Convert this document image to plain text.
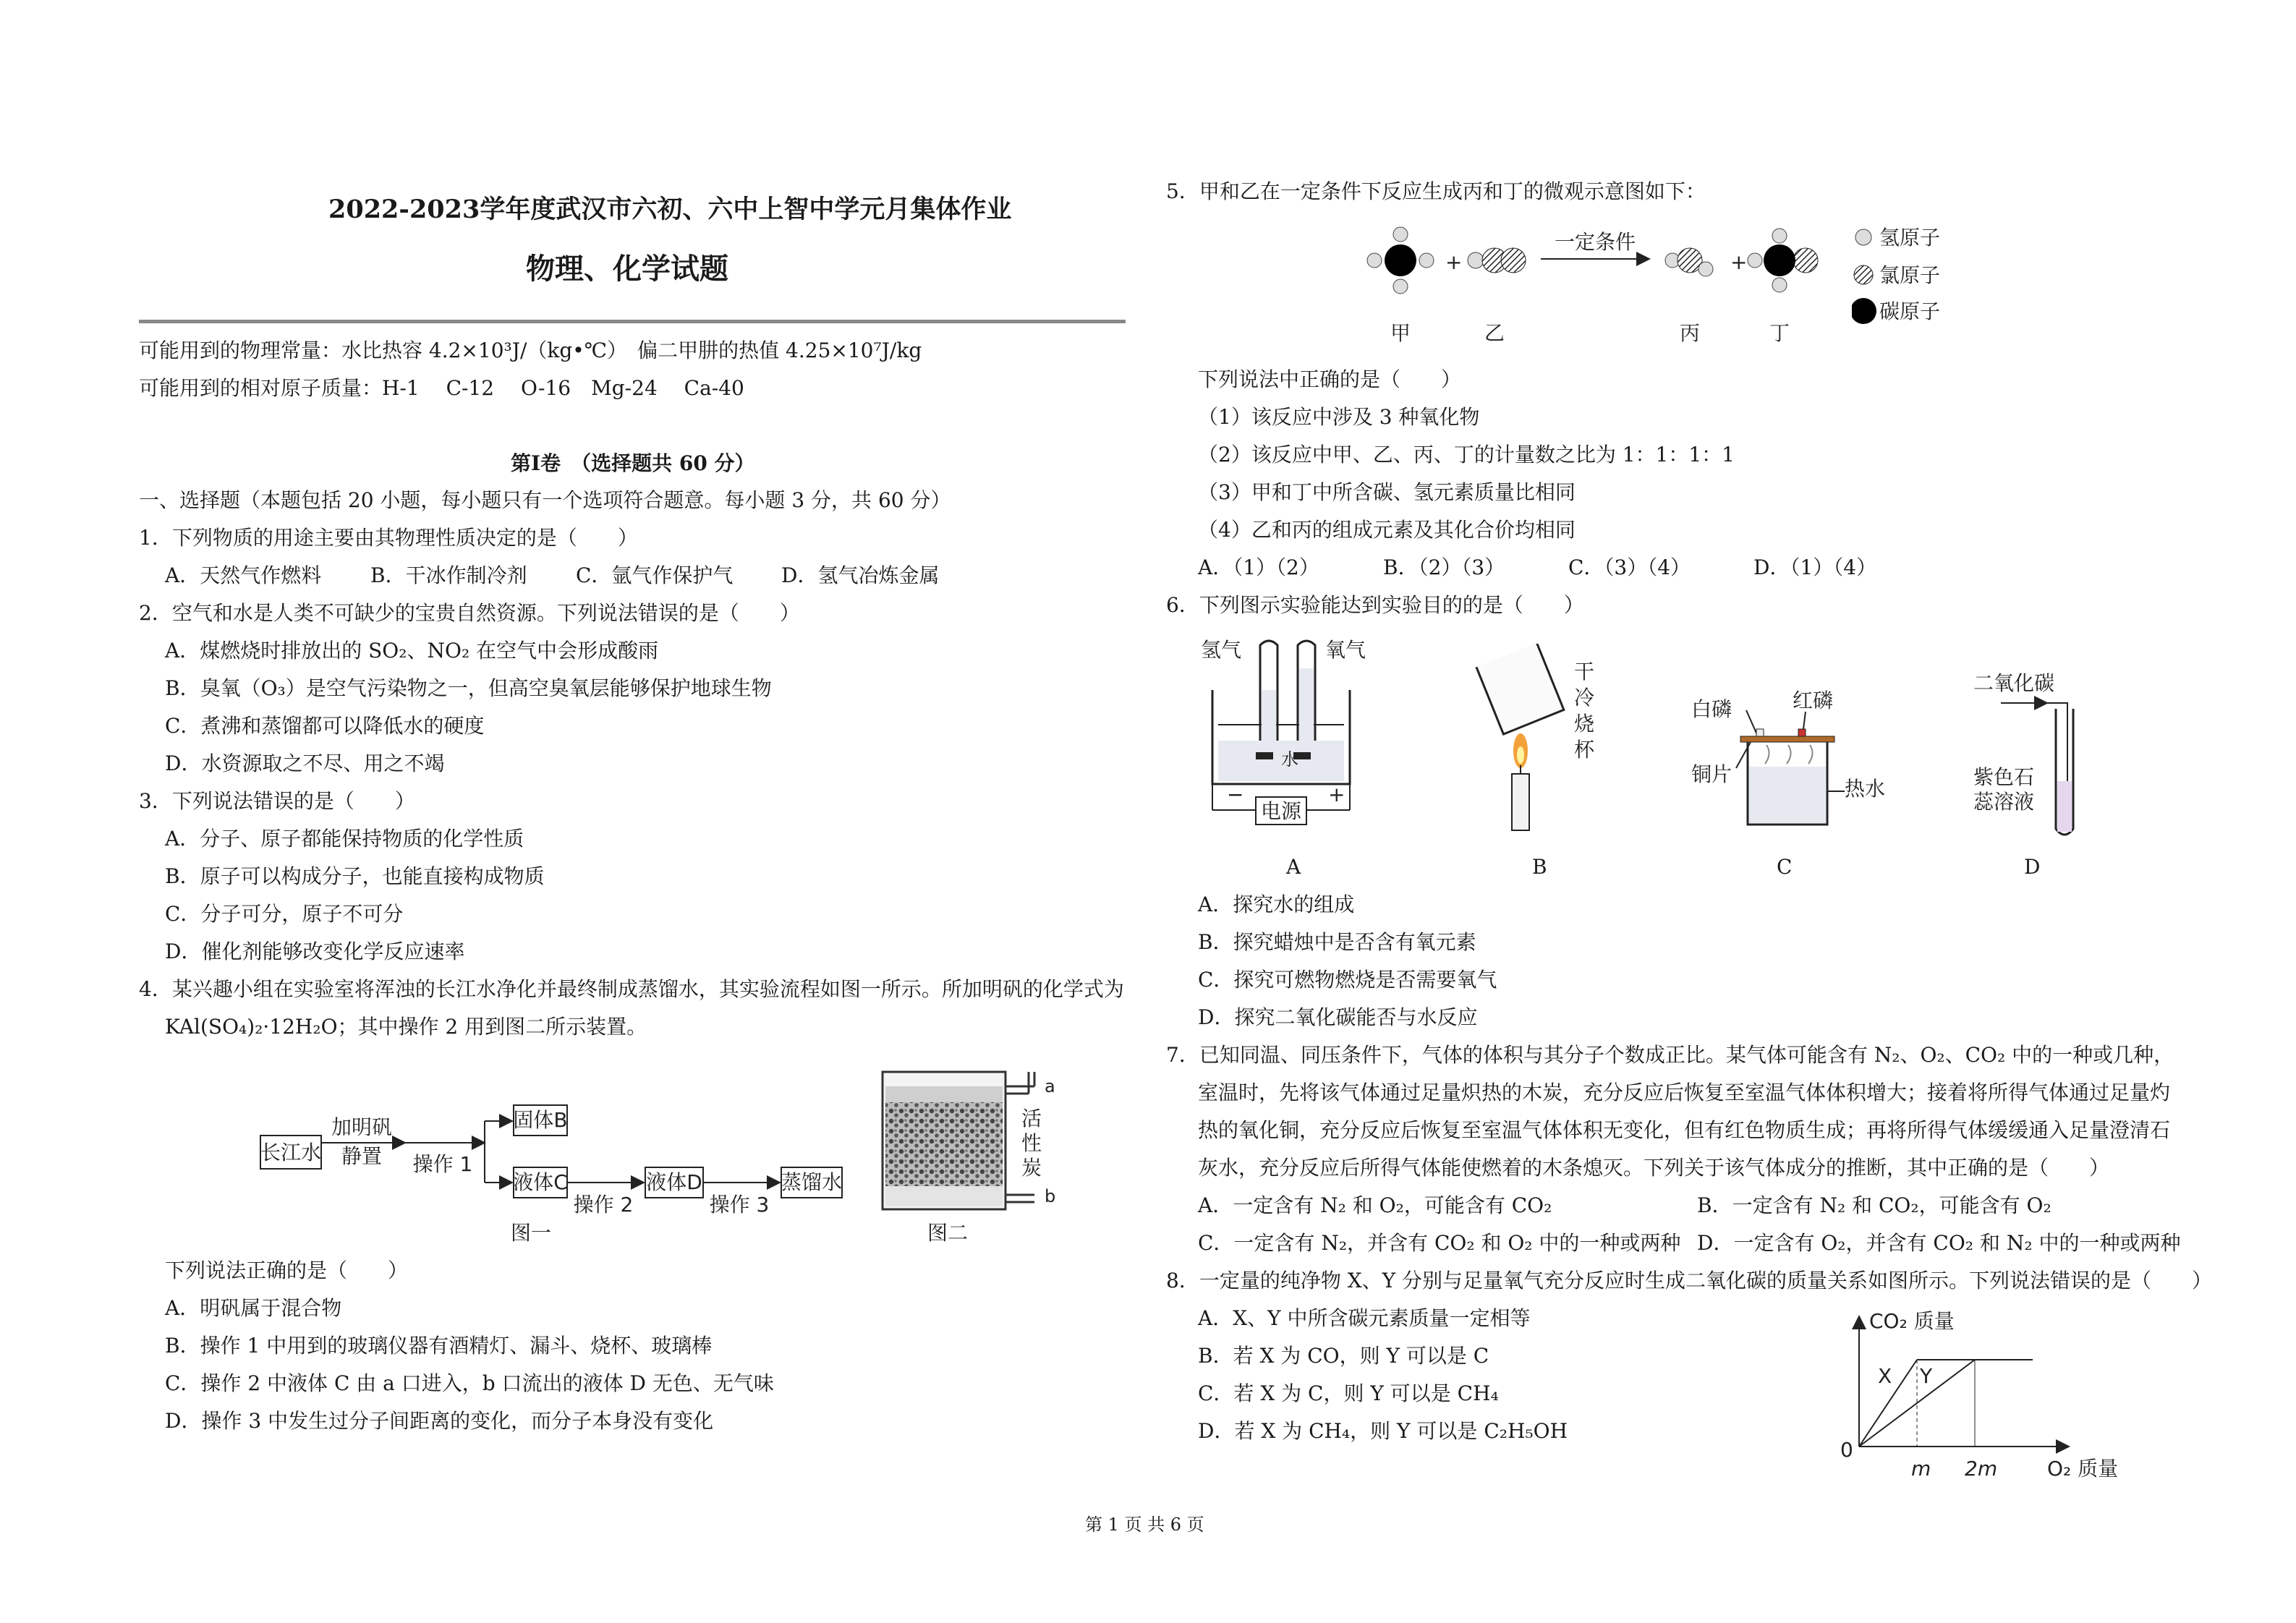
2022-2023学年度武汉市六初、六中上智中学元月集体作业
物理、化学试题
可能用到的物理常量：水比热容 4.2×10³J/（kg•℃）　偏二甲肼的热值 4.25×10⁷J/kg
可能用到的相对原子质量：H-1　 C-12　 O-16　Mg-24　 Ca-40
第Ⅰ卷　（选择题共 60 分）
一、选择题（本题包括 20 小题，每小题只有一个选项符合题意。每小题 3 分，共 60 分）
1．下列物质的用途主要由其物理性质决定的是（　　）
A．天然气作燃料 B．干冰作制冷剂 C．氩气作保护气 D．氢气冶炼金属
2．空气和水是人类不可缺少的宝贵自然资源。下列说法错误的是（　　）
A．煤燃烧时排放出的 SO₂、NO₂ 在空气中会形成酸雨
B．臭氧（O₃）是空气污染物之一，但高空臭氧层能够保护地球生物
C．煮沸和蒸馏都可以降低水的硬度
D．水资源取之不尽、用之不竭
3．下列说法错误的是（　　）
A．分子、原子都能保持物质的化学性质
B．原子可以构成分子，也能直接构成物质
C．分子可分，原子不可分
D．催化剂能够改变化学反应速率
4．某兴趣小组在实验室将浑浊的长江水净化并最终制成蒸馏水，其实验流程如图一所示。所加明矾的化学式为
KAl(SO₄)₂·12H₂O；其中操作 2 用到图二所示装置。
长江水
加明矾
静置 操作 1
固体B
液体C
操作 2
液体D
操作 3
蒸馏水
图一
a
b
活
性
炭
图二
下列说法正确的是（　　）
A．明矾属于混合物
B．操作 1 中用到的玻璃仪器有酒精灯、漏斗、烧杯、玻璃棒
C．操作 2 中液体 C 由 a 口进入，b 口流出的液体 D 无色、无气味
D．操作 3 中发生过分子间距离的变化，而分子本身没有变化
5．甲和乙在一定条件下反应生成丙和丁的微观示意图如下：
+
一定条件
+
甲	乙	丙	丁
氢原子
氯原子
碳原子
下列说法中正确的是（　　）
（1）该反应中涉及 3 种氧化物
（2）该反应中甲、乙、丙、丁的计量数之比为 1：1：1：1
（3）甲和丁中所含碳、氢元素质量比相同
（4）乙和丙的组成元素及其化合价均相同
A．（1）（2）	B．（2）（3）	C．（3）（4）	D．（1）（4）
6．下列图示实验能达到实验目的的是（　　）
氢气	氧气
水
电源
−	+
A
干
冷
烧
杯
B
白磷	红磷
铜片
热水
C
二氧化碳
紫色石
蕊溶液
D
A．探究水的组成
B．探究蜡烛中是否含有氧元素
C．探究可燃物燃烧是否需要氧气
D．探究二氧化碳能否与水反应
7．已知同温、同压条件下，气体的体积与其分子个数成正比。某气体可能含有 N₂、O₂、CO₂ 中的一种或几种，
室温时，先将该气体通过足量炽热的木炭，充分反应后恢复至室温气体体积增大；接着将所得气体通过足量灼
热的氧化铜，充分反应后恢复至室温气体体积无变化，但有红色物质生成；再将所得气体缓缓通入足量澄清石
灰水，充分反应后所得气体能使燃着的木条熄灭。下列关于该气体成分的推断，其中正确的是（　　）
A．一定含有 N₂ 和 O₂，可能含有 CO₂	B．一定含有 N₂ 和 CO₂，可能含有 O₂
C．一定含有 N₂，并含有 CO₂ 和 O₂ 中的一种或两种 D．一定含有 O₂，并含有 CO₂ 和 N₂ 中的一种或两种
8．一定量的纯净物 X、Y 分别与足量氧气充分反应时生成二氧化碳的质量关系如图所示。下列说法错误的是（　　）
A．X、Y 中所含碳元素质量一定相等
B．若 X 为 CO，则 Y 可以是 C
C．若 X 为 C，则 Y 可以是 CH₄
D．若 X 为 CH₄，则 Y 可以是 C₂H₅OH
CO₂ 质量
O₂ 质量
0
X Y
m 2m
第 1 页 共 6 页
